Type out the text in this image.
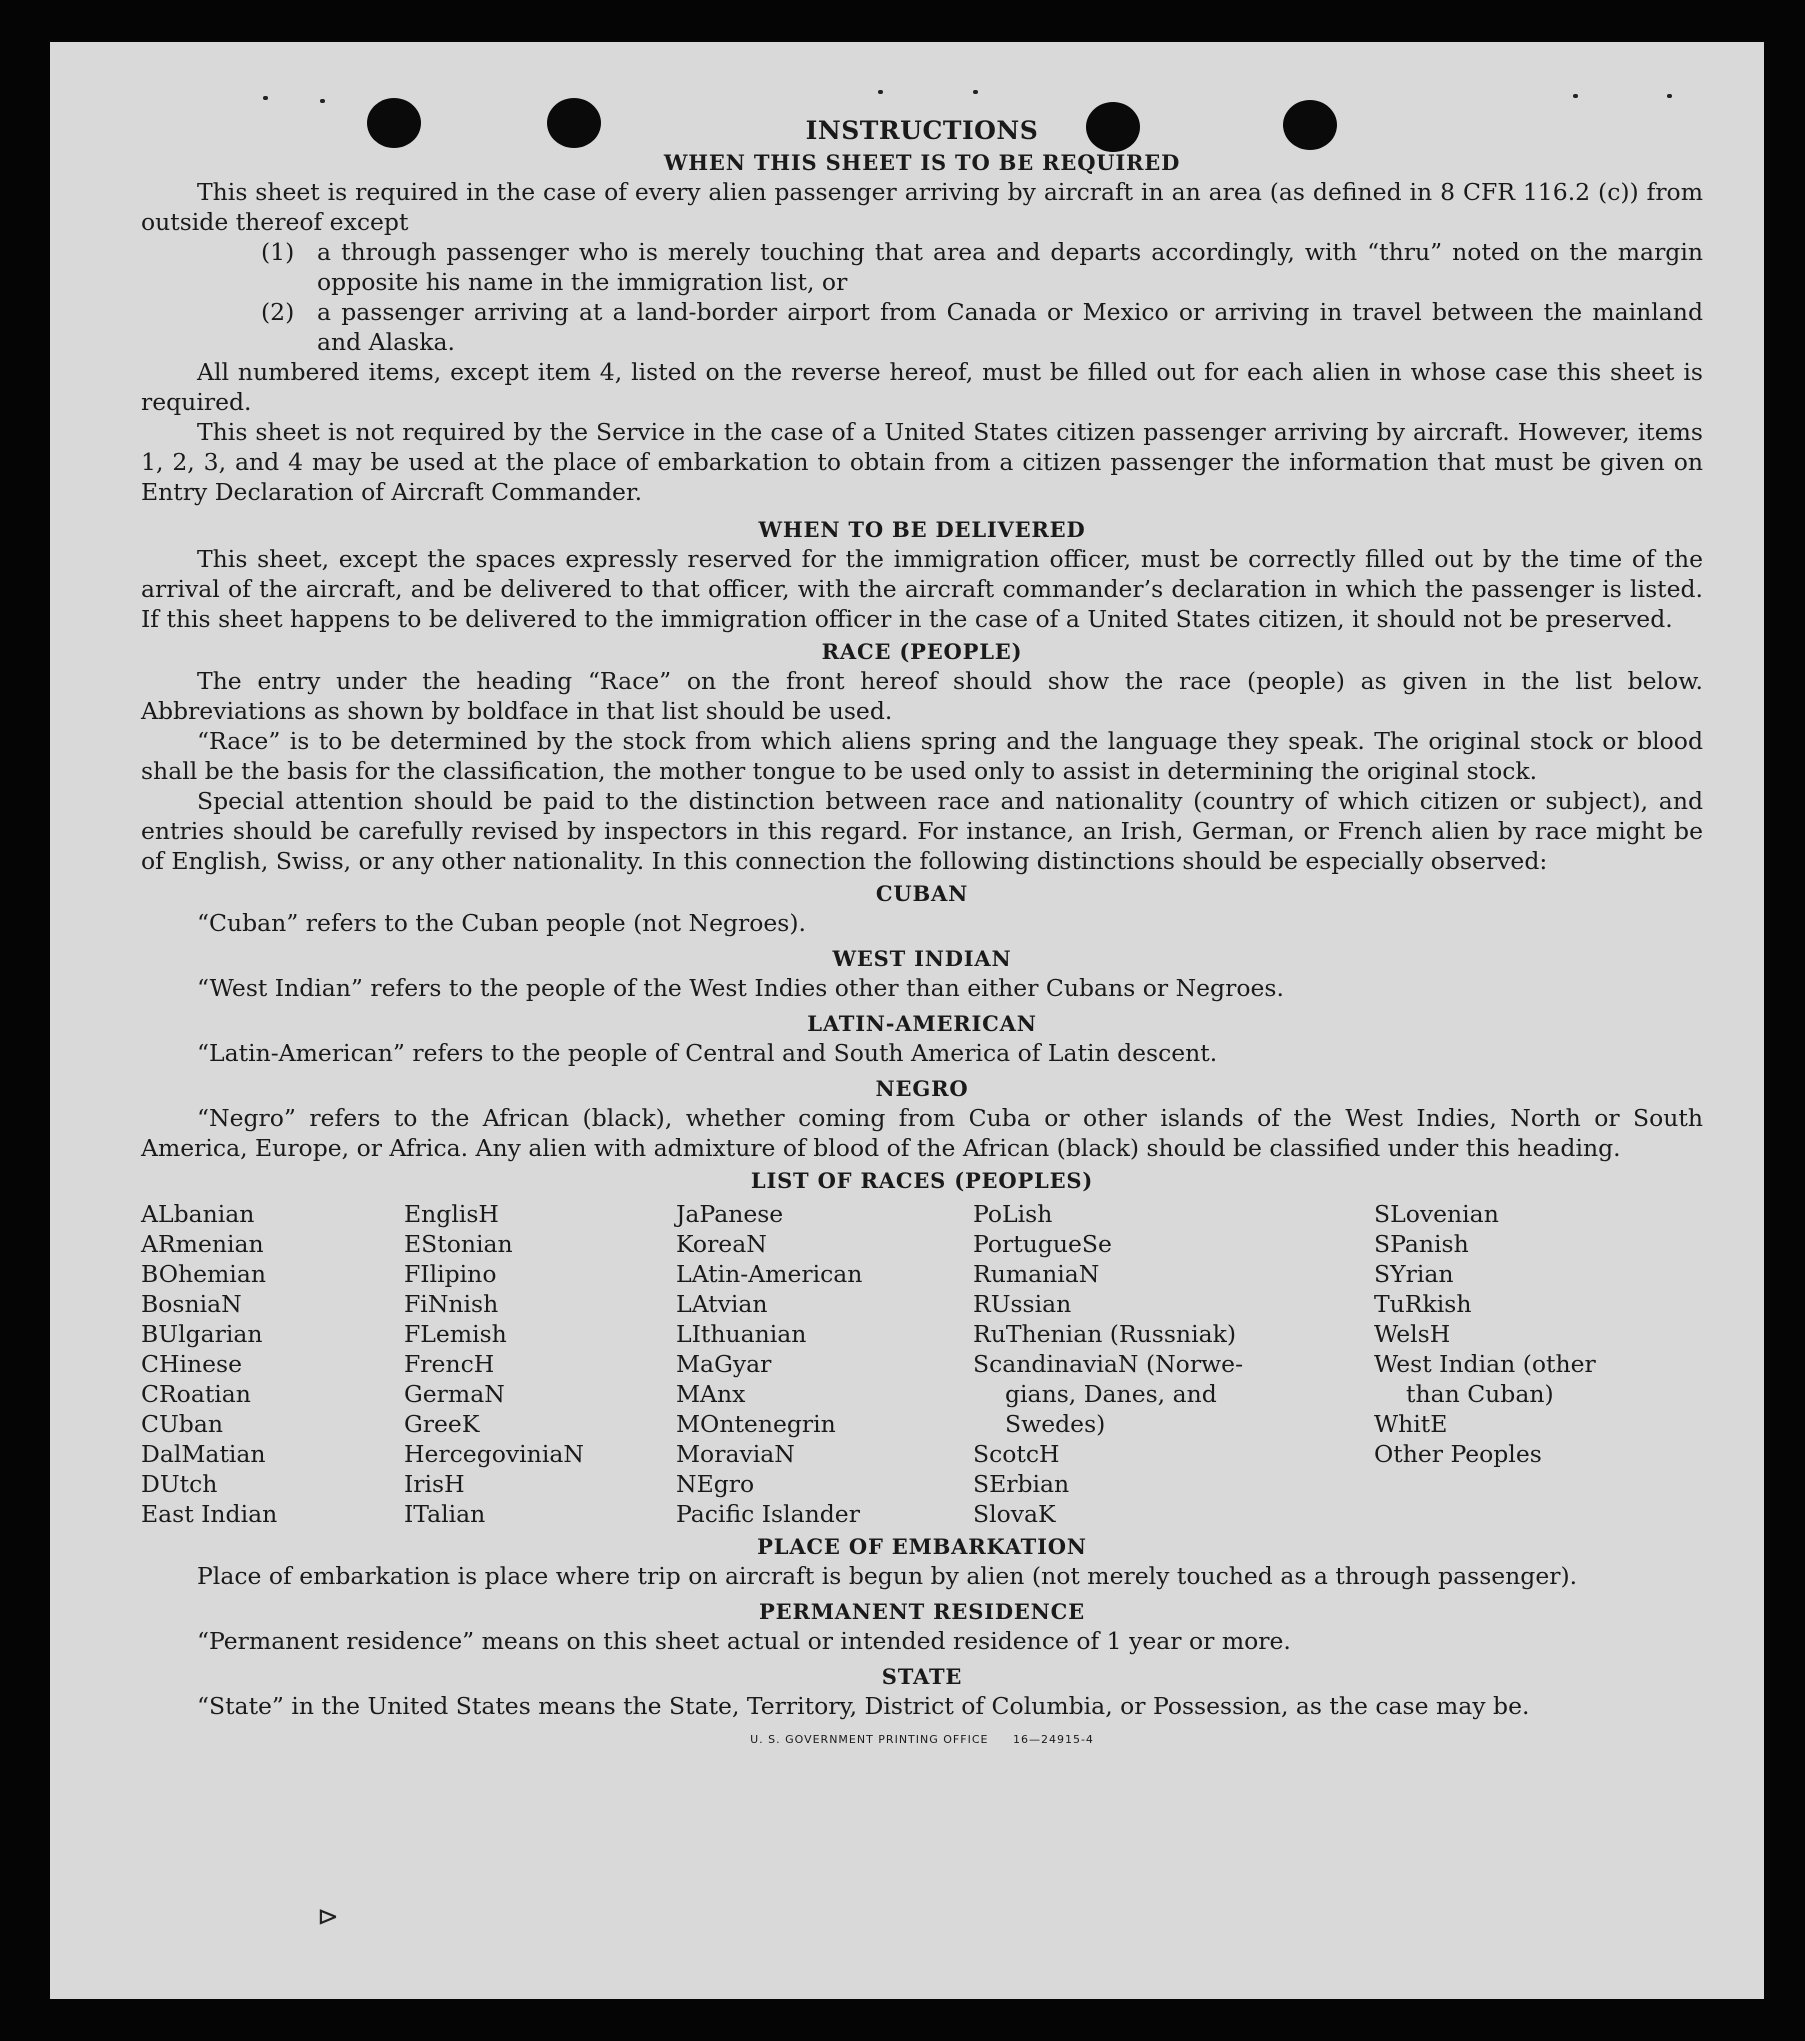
⊳
INSTRUCTIONS
WHEN THIS SHEET IS TO BE REQUIRED

This sheet is required in the case of every alien passenger arriving by aircraft in an area (as defined in 8 CFR 116.2 (c)) from outside thereof except

(1) a through passenger who is merely touching that area and departs accordingly, with “thru” noted on the margin opposite his name in the immigration list, or
(2) a passenger arriving at a land-border airport from Canada or Mexico or arriving in travel between the mainland and Alaska.

All numbered items, except item 4, listed on the reverse hereof, must be filled out for each alien in whose case this sheet is required.

This sheet is not required by the Service in the case of a United States citizen passenger arriving by aircraft. However, items 1, 2, 3, and 4 may be used at the place of embarkation to obtain from a citizen passenger the information that must be given on Entry Declaration of Aircraft Commander.

WHEN TO BE DELIVERED

This sheet, except the spaces expressly reserved for the immigration officer, must be correctly filled out by the time of the arrival of the aircraft, and be delivered to that officer, with the aircraft commander’s declaration in which the passenger is listed. If this sheet happens to be delivered to the immigration officer in the case of a United States citizen, it should not be preserved.

RACE (PEOPLE)

The entry under the heading “Race” on the front hereof should show the race (people) as given in the list below. Abbreviations as shown by boldface in that list should be used.

“Race” is to be determined by the stock from which aliens spring and the language they speak. The original stock or blood shall be the basis for the classification, the mother tongue to be used only to assist in determining the original stock.

Special attention should be paid to the distinction between race and nationality (country of which citizen or subject), and entries should be carefully revised by inspectors in this regard. For instance, an Irish, German, or French alien by race might be of English, Swiss, or any other nationality. In this connection the following distinctions should be especially observed:

CUBAN

“Cuban” refers to the Cuban people (not Negroes).

WEST INDIAN

“West Indian” refers to the people of the West Indies other than either Cubans or Negroes.

LATIN-AMERICAN

“Latin-American” refers to the people of Central and South America of Latin descent.

NEGRO

“Negro” refers to the African (black), whether coming from Cuba or other islands of the West Indies, North or South America, Europe, or Africa. Any alien with admixture of blood of the African (black) should be classified under this heading.

LIST OF RACES (PEOPLES)
ALbanian
ARmenian
BOhemian
BosniaN
BUlgarian
CHinese
CRoatian
CUban
DalMatian
DUtch
East Indian
EnglisH
EStonian
FIlipino
FiNnish
FLemish
FrencH
GermaN
GreeK
HercegoviniaN
IrisH
ITalian
JaPanese
KoreaN
LAtin-American
LAtvian
LIthuanian
MaGyar
MAnx
MOntenegrin
MoraviaN
NEgro
Pacific Islander
PoLish
PortugueSe
RumaniaN
RUssian
RuThenian (Russniak)
ScandinaviaN (Norwe-
gians, Danes, and
Swedes)
ScotcH
SErbian
SlovaK
SLovenian
SPanish
SYrian
TuRkish
WelsH
West Indian (other
than Cuban)
WhitE
Other Peoples
PLACE OF EMBARKATION

Place of embarkation is place where trip on aircraft is begun by alien (not merely touched as a through passenger).

PERMANENT RESIDENCE

“Permanent residence” means on this sheet actual or intended residence of 1 year or more.

STATE

“State” in the United States means the State, Territory, District of Columbia, or Possession, as the case may be.

U. S. GOVERNMENT PRINTING OFFICE 16—24915-4
